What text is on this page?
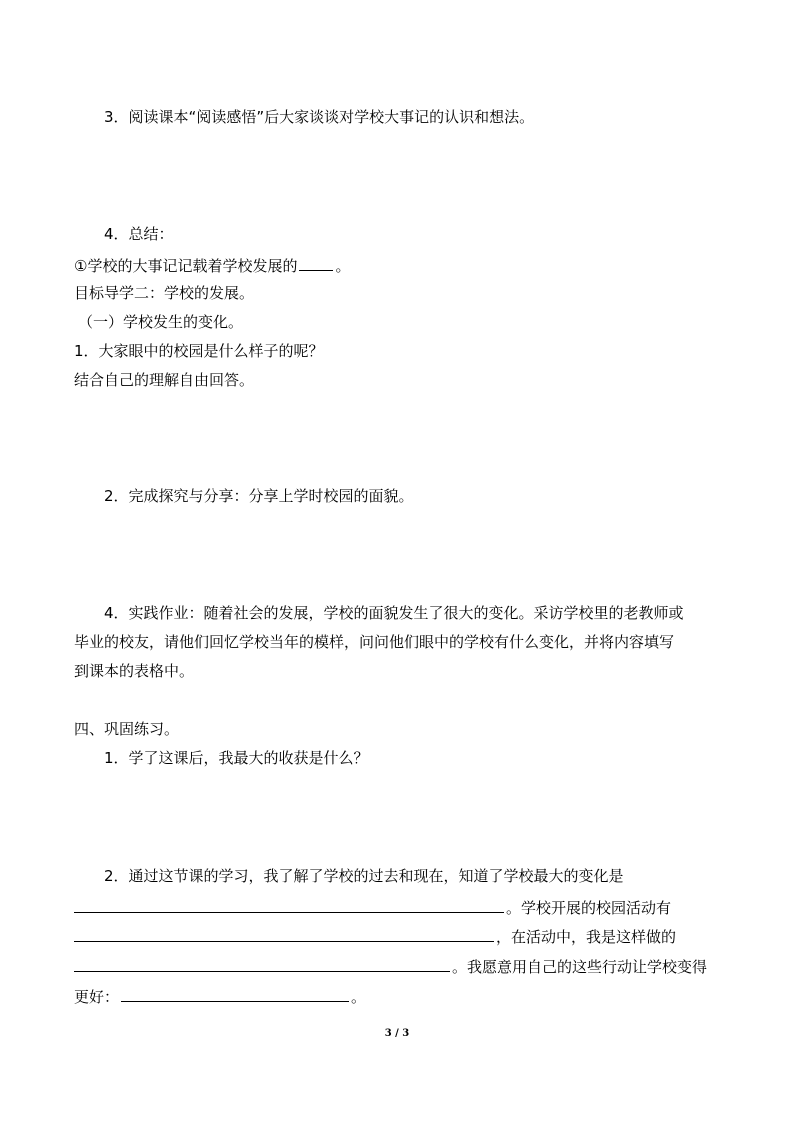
3．阅读课本“阅读感悟”后大家谈谈对学校大事记的认识和想法。
4．总结：
①学校的大事记记载着学校发展的	。
目标导学二：学校的发展。
（一）学校发生的变化。
1．大家眼中的校园是什么样子的呢？
结合自己的理解自由回答。
2．完成探究与分享：分享上学时校园的面貌。
4．实践作业：随着社会的发展，学校的面貌发生了很大的变化。采访学校里的老教师或
毕业的校友，请他们回忆学校当年的模样，问问他们眼中的学校有什么变化，并将内容填写
到课本的表格中。
四、巩固练习。
1．学了这课后，我最大的收获是什么？
2．通过这节课的学习，我了解了学校的过去和现在，知道了学校最大的变化是
。学校开展的校园活动有
，在活动中，我是这样做的
。我愿意用自己的这些行动让学校变得
更好：	。
3 / 3
